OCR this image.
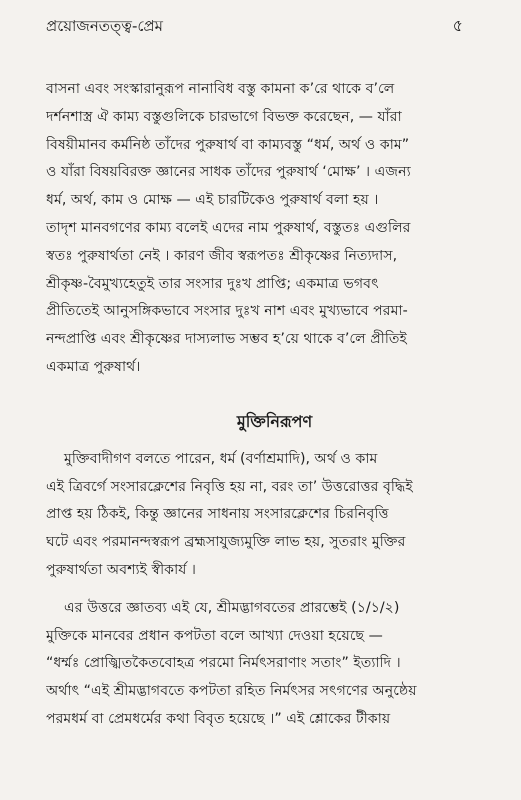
প্রয়োজনতত্ত্ব-প্রেম	৫

বাসনা এবং সংস্কারানুরূপ নানাবিধ বস্তু কামনা ক’রে থাকে ব’লে
দর্শনশাস্ত্র ঐ কাম্য বস্তুগুলিকে চারভাগে বিভক্ত করেছেন, — যাঁরা
বিষয়ীমানব কর্মনিষ্ঠ তাঁদের পুরুষার্থ বা কাম্যবস্তু “ধর্ম, অর্থ ও কাম”
ও যাঁরা বিষয়বিরক্ত জ্ঞানের সাধক তাঁদের পুরুষার্থ ‘মোক্ষ’ । এজন্য
ধর্ম, অর্থ, কাম ও মোক্ষ — এই চারটিকেও পুরুষার্থ বলা হয় ।
তাদৃশ মানবগণের কাম্য বলেই এদের নাম পুরুষার্থ, বস্তুতঃ এগুলির
স্বতঃ পুরুষার্থতা নেই । কারণ জীব স্বরূপতঃ শ্রীকৃষ্ণের নিত্যদাস,
শ্রীকৃষ্ণ-বৈমুখ্যহেতুই তার সংসার দুঃখ প্রাপ্তি; একমাত্র ভগবৎ
প্রীতিতেই আনুসঙ্গিকভাবে সংসার দুঃখ নাশ এবং মুখ্যভাবে পরমা-
নন্দপ্রাপ্তি এবং শ্রীকৃষ্ণের দাস্যলাভ সম্ভব হ’য়ে থাকে ব’লে প্রীতিই
একমাত্র পুরুষার্থ।

মুক্তিনিরূপণ

মুক্তিবাদীগণ বলতে পারেন, ধর্ম (বর্ণাশ্রমাদি), অর্থ ও কাম
এই ত্রিবর্গে সংসারক্লেশের নিবৃত্তি হয় না, বরং তা’ উত্তরোত্তর বৃদ্ধিই
প্রাপ্ত হয় ঠিকই, কিন্তু জ্ঞানের সাধনায় সংসারক্লেশের চিরনিবৃত্তি
ঘটে এবং পরমানন্দস্বরূপ ব্রহ্মসাযুজ্যমুক্তি লাভ হয়, সুতরাং মুক্তির
পুরুষার্থতা অবশ্যই স্বীকার্য ।

এর উত্তরে জ্ঞাতব্য এই যে, শ্রীমদ্ভাগবতের প্রারম্ভেই (১/১/২)
মুক্তিকে মানবের প্রধান কপটতা বলে আখ্যা দেওয়া হয়েছে —
“ধর্ম্মঃ প্রোজ্ঝিতকৈতবোহত্র পরমো নির্মৎসরাণাং সতাং” ইত্যাদি ।
অর্থাৎ “এই শ্রীমদ্ভাগবতে কপটতা রহিত নির্মৎসর সৎগণের অনুষ্ঠেয়
পরমধর্ম বা প্রেমধর্মের কথা বিবৃত হয়েছে ।” এই শ্লোকের টীকায়
